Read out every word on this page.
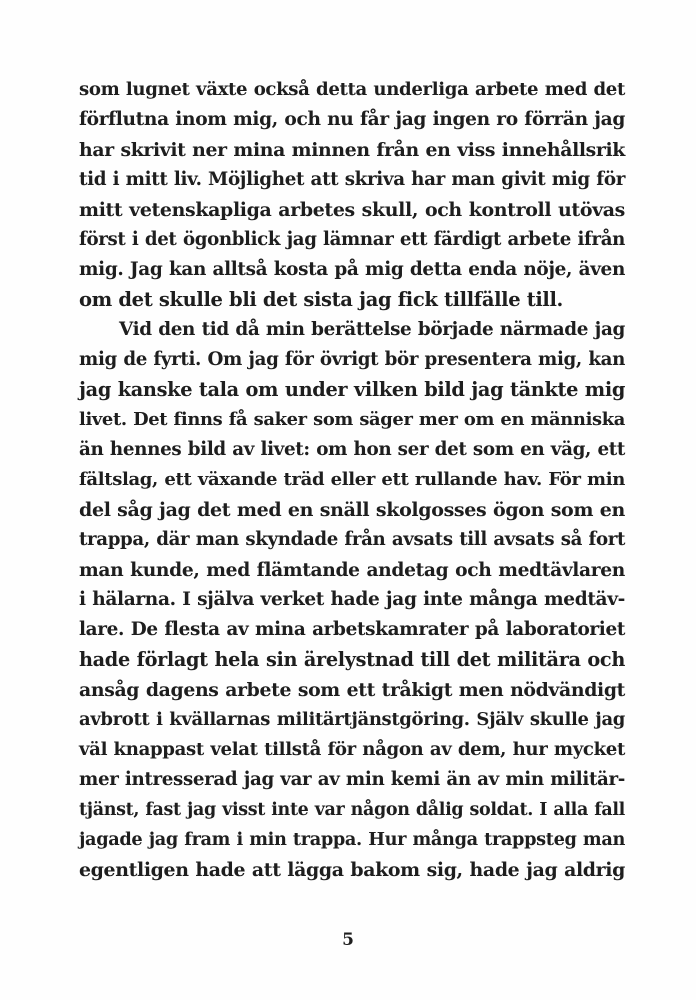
som lugnet växte också detta underliga arbete med det
förflutna inom mig, och nu får jag ingen ro förrän jag
har skrivit ner mina minnen från en viss innehållsrik
tid i mitt liv. Möjlighet att skriva har man givit mig för
mitt vetenskapliga arbetes skull, och kontroll utövas
först i det ögonblick jag lämnar ett färdigt arbete ifrån
mig. Jag kan alltså kosta på mig detta enda nöje, även
om det skulle bli det sista jag fick tillfälle till.
Vid den tid då min berättelse började närmade jag
mig de fyrti. Om jag för övrigt bör presentera mig, kan
jag kanske tala om under vilken bild jag tänkte mig
livet. Det finns få saker som säger mer om en människa
än hennes bild av livet: om hon ser det som en väg, ett
fältslag, ett växande träd eller ett rullande hav. För min
del såg jag det med en snäll skolgosses ögon som en
trappa, där man skyndade från avsats till avsats så fort
man kunde, med flämtande andetag och medtävlaren
i hälarna. I själva verket hade jag inte många medtäv-
lare. De flesta av mina arbetskamrater på laboratoriet
hade förlagt hela sin ärelystnad till det militära och
ansåg dagens arbete som ett tråkigt men nödvändigt
avbrott i kvällarnas militärtjänstgöring. Själv skulle jag
väl knappast velat tillstå för någon av dem, hur mycket
mer intresserad jag var av min kemi än av min militär-
tjänst, fast jag visst inte var någon dålig soldat. I alla fall
jagade jag fram i min trappa. Hur många trappsteg man
egentligen hade att lägga bakom sig, hade jag aldrig
5
